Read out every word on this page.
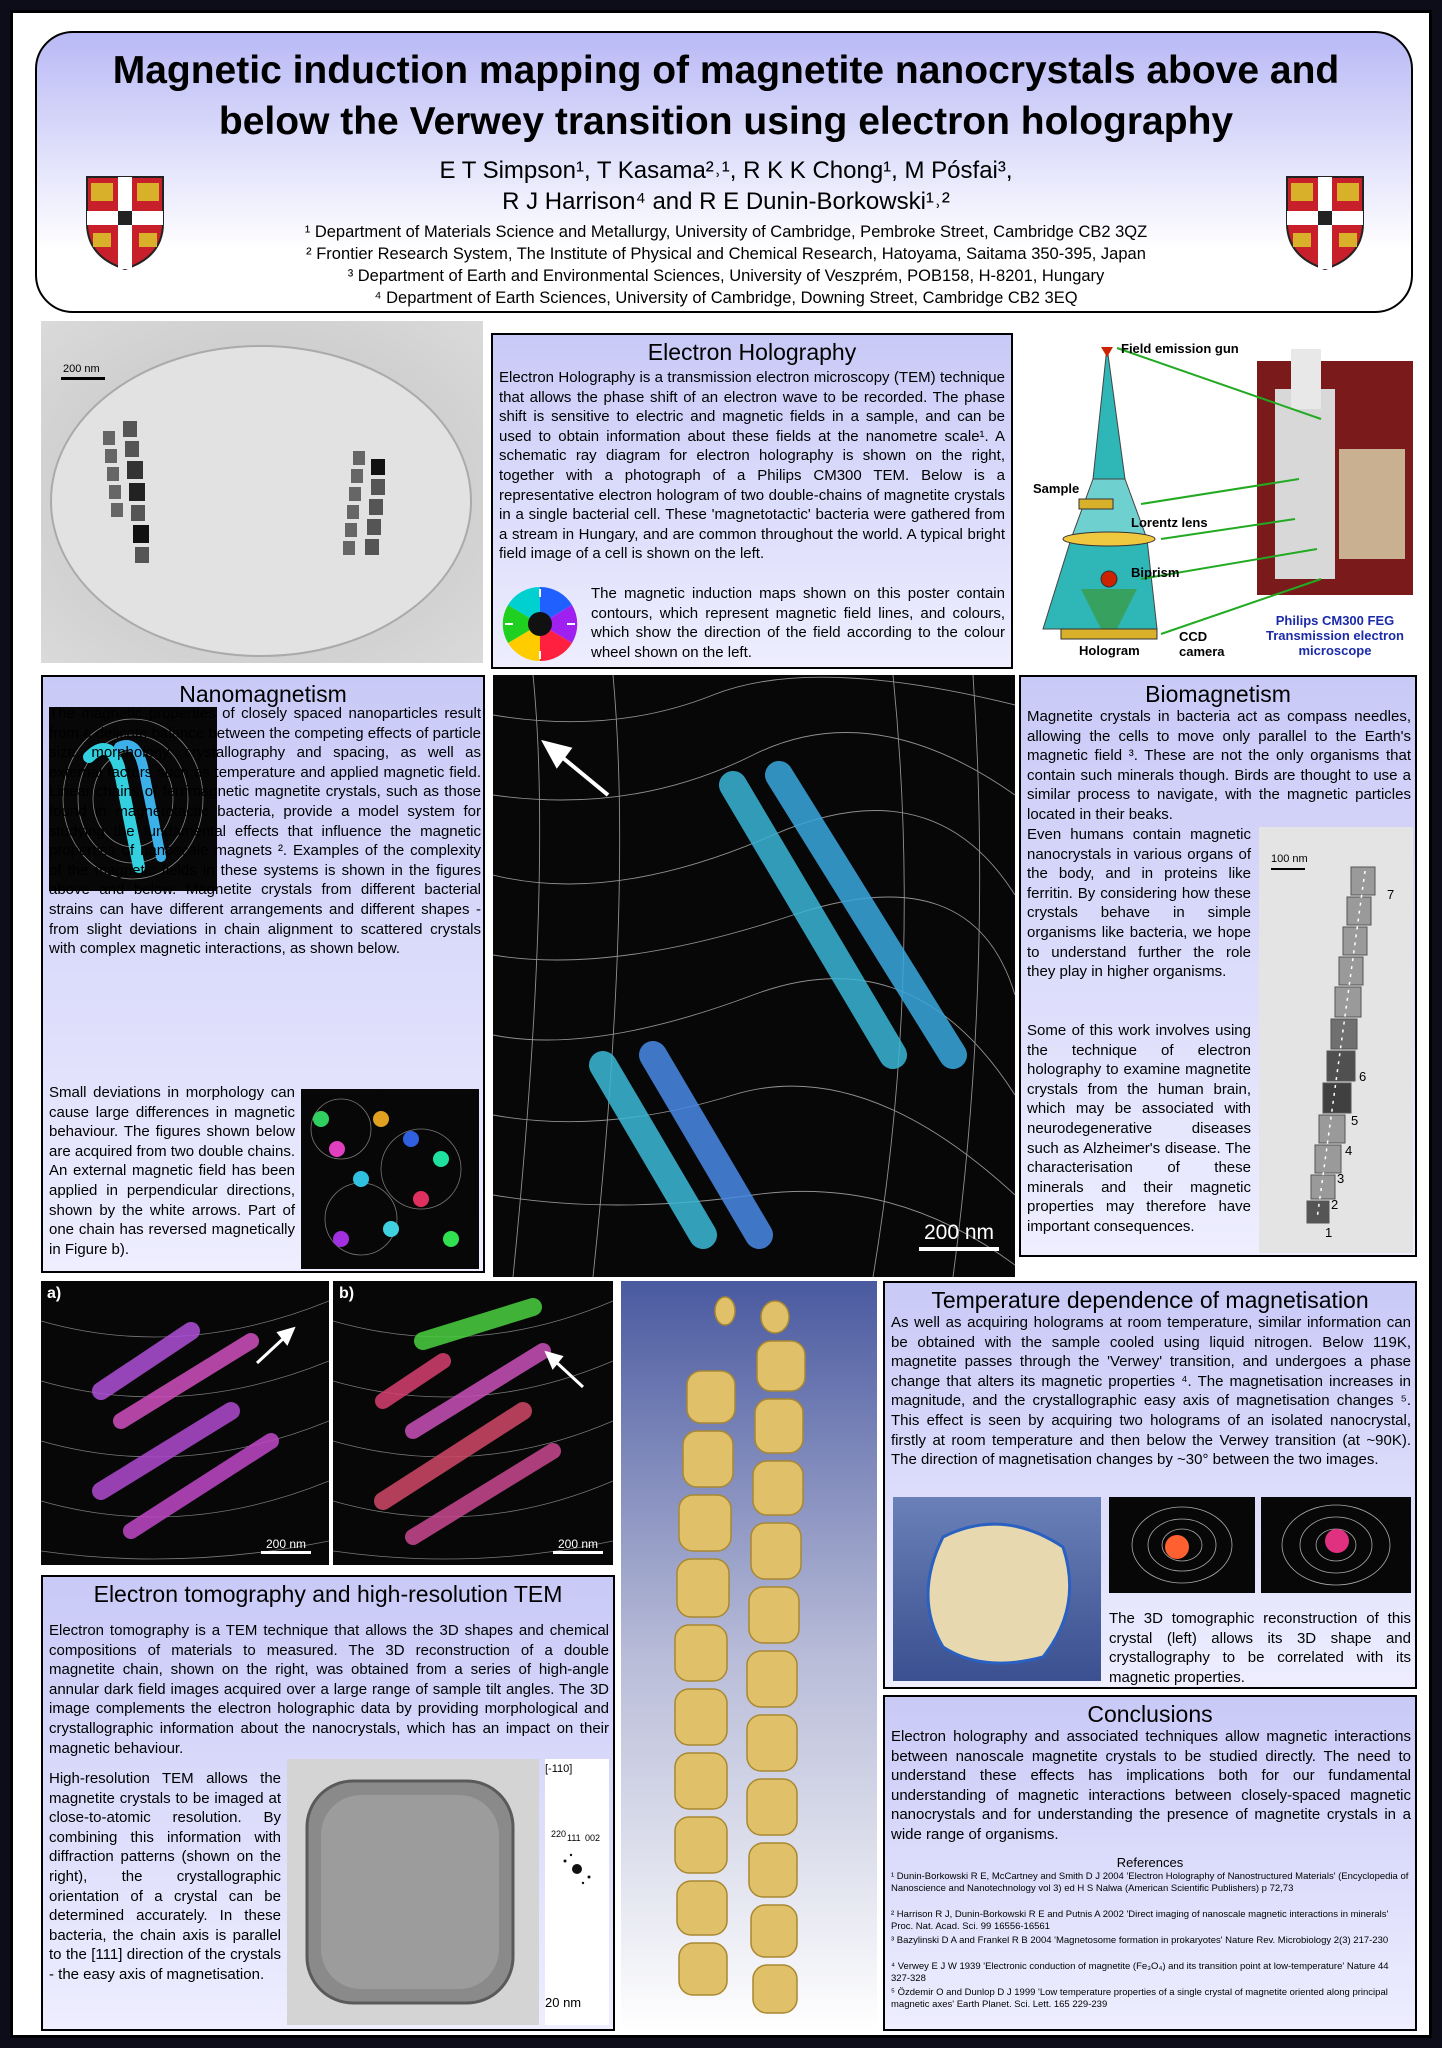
Magnetic induction mapping of magnetite nanocrystals above and below the Verwey transition using electron holography
E T Simpson¹, T Kasama²˒¹, R K K Chong¹, M Pósfai³,
R J Harrison⁴ and R E Dunin-Borkowski¹˒²
¹ Department of Materials Science and Metallurgy, University of Cambridge, Pembroke Street, Cambridge CB2 3QZ
² Frontier Research System, The Institute of Physical and Chemical Research, Hatoyama, Saitama 350-395, Japan
³ Department of Earth and Environmental Sciences, University of Veszprém, POB158, H-8201, Hungary
⁴ Department of Earth Sciences, University of Cambridge, Downing Street, Cambridge CB2 3EQ
200 nm
Electron Holography

Electron Holography is a transmission electron microscopy (TEM) technique that allows the phase shift of an electron wave to be recorded. The phase shift is sensitive to electric and magnetic fields in a sample, and can be used to obtain information about these fields at the nanometre scale¹. A schematic ray diagram for electron holography is shown on the right, together with a photograph of a Philips CM300 TEM. Below is a representative electron hologram of two double-chains of magnetite crystals in a single bacterial cell. These 'magnetotactic' bacteria were gathered from a stream in Hungary, and are common throughout the world. A typical bright field image of a cell is shown on the left.

The magnetic induction maps shown on this poster contain contours, which represent magnetic field lines, and colours, which show the direction of the field according to the colour wheel shown on the left.

Field emission gun
Sample
Lorentz lens
Biprism
Hologram
CCD camera
Philips CM300 FEG Transmission electron microscope
Nanomagnetism

The magnetic properties of closely spaced nanoparticles result from a delicate balance between the competing effects of particle size, morphology, crystallography and spacing, as well as external factors such as temperature and applied magnetic field. Linear chains of ferrimagnetic magnetite crystals, such as those found in magnetotactic bacteria, provide a model system for studying the fundamental effects that influence the magnetic properties of nanoscale magnets ². Examples of the complexity of the magnetic fields in these systems is shown in the figures above and below. Magnetite crystals from different bacterial strains can have different arrangements and different shapes - from slight deviations in chain alignment to scattered crystals with complex magnetic interactions, as shown below.

Small deviations in morphology can cause large differences in magnetic behaviour. The figures shown below are acquired from two double chains. An external magnetic field has been applied in perpendicular directions, shown by the white arrows. Part of one chain has reversed magnetically in Figure b).

200 nm
Biomagnetism

Magnetite crystals in bacteria act as compass needles, allowing the cells to move only parallel to the Earth's magnetic field ³. These are not the only organisms that contain such minerals though. Birds are thought to use a similar process to navigate, with the magnetic particles located in their beaks.

Even humans contain magnetic nanocrystals in various organs of the body, and in proteins like ferritin. By considering how these crystals behave in simple organisms like bacteria, we hope to understand further the role they play in higher organisms.

Some of this work involves using the technique of electron holography to examine magnetite crystals from the human brain, which may be associated with neurodegenerative diseases such as Alzheimer's disease. The characterisation of these minerals and their magnetic properties may therefore have important consequences.

100 nm
7
6
5
4
3
2
1
a)
200 nm
b)
200 nm
Electron tomography and high-resolution TEM

Electron tomography is a TEM technique that allows the 3D shapes and chemical compositions of materials to measured. The 3D reconstruction of a double magnetite chain, shown on the right, was obtained from a series of high-angle annular dark field images acquired over a large range of sample tilt angles. The 3D image complements the electron holographic data by providing morphological and crystallographic information about the nanocrystals, which has an impact on their magnetic behaviour.

High-resolution TEM allows the magnetite crystals to be imaged at close-to-atomic resolution. By combining this information with diffraction patterns (shown on the right), the crystallographic orientation of a crystal can be determined accurately. In these bacteria, the chain axis is parallel to the [111] direction of the crystals - the easy axis of magnetisation.

[-110]
220 111 002
20 nm
Temperature dependence of magnetisation

As well as acquiring holograms at room temperature, similar information can be obtained with the sample cooled using liquid nitrogen. Below 119K, magnetite passes through the 'Verwey' transition, and undergoes a phase change that alters its magnetic properties ⁴. The magnetisation increases in magnitude, and the crystallographic easy axis of magnetisation changes ⁵. This effect is seen by acquiring two holograms of an isolated nanocrystal, firstly at room temperature and then below the Verwey transition (at ~90K). The direction of magnetisation changes by ~30° between the two images.

The 3D tomographic reconstruction of this crystal (left) allows its 3D shape and crystallography to be correlated with its magnetic properties.

Conclusions

Electron holography and associated techniques allow magnetic interactions between nanoscale magnetite crystals to be studied directly. The need to understand these effects has implications both for our fundamental understanding of magnetic interactions between closely-spaced magnetic nanocrystals and for understanding the presence of magnetite crystals in a wide range of organisms.

References
¹ Dunin-Borkowski R E, McCartney and Smith D J 2004 'Electron Holography of Nanostructured Materials' (Encyclopedia of Nanoscience and Nanotechnology vol 3) ed H S Nalwa (American Scientific Publishers) p 72,73
² Harrison R J, Dunin-Borkowski R E and Putnis A 2002 'Direct imaging of nanoscale magnetic interactions in minerals' Proc. Nat. Acad. Sci. 99 16556-16561
³ Bazylinski D A and Frankel R B 2004 'Magnetosome formation in prokaryotes' Nature Rev. Microbiology 2(3) 217-230
⁴ Verwey E J W 1939 'Electronic conduction of magnetite (Fe₃O₄) and its transition point at low-temperature' Nature 44 327-328
⁵ Özdemir O and Dunlop D J 1999 'Low temperature properties of a single crystal of magnetite oriented along principal magnetic axes' Earth Planet. Sci. Lett. 165 229-239
